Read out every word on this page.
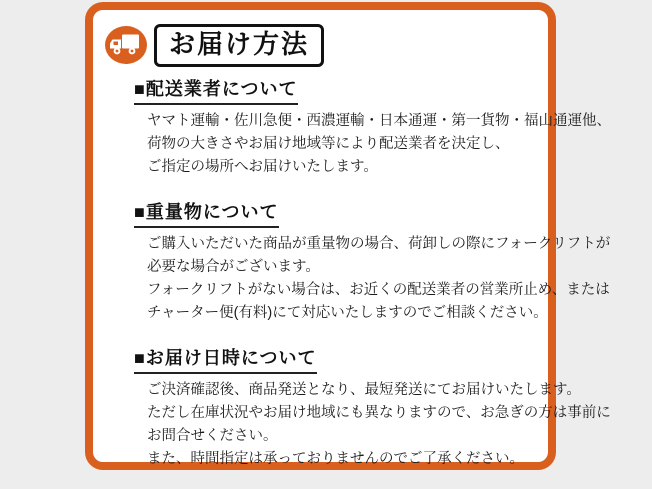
お届け方法
■配送業者について
ヤマト運輸・佐川急便・西濃運輸・日本通運・第一貨物・福山通運他、
荷物の大きさやお届け地域等により配送業者を決定し、
ご指定の場所へお届けいたします。
■重量物について
ご購入いただいた商品が重量物の場合、荷卸しの際にフォークリフトが
必要な場合がございます。
フォークリフトがない場合は、お近くの配送業者の営業所止め、または
チャーター便(有料)にて対応いたしますのでご相談ください。
■お届け日時について
ご決済確認後、商品発送となり、最短発送にてお届けいたします。
ただし在庫状況やお届け地域にも異なりますので、お急ぎの方は事前に
お問合せください。
また、時間指定は承っておりませんのでご了承ください。
